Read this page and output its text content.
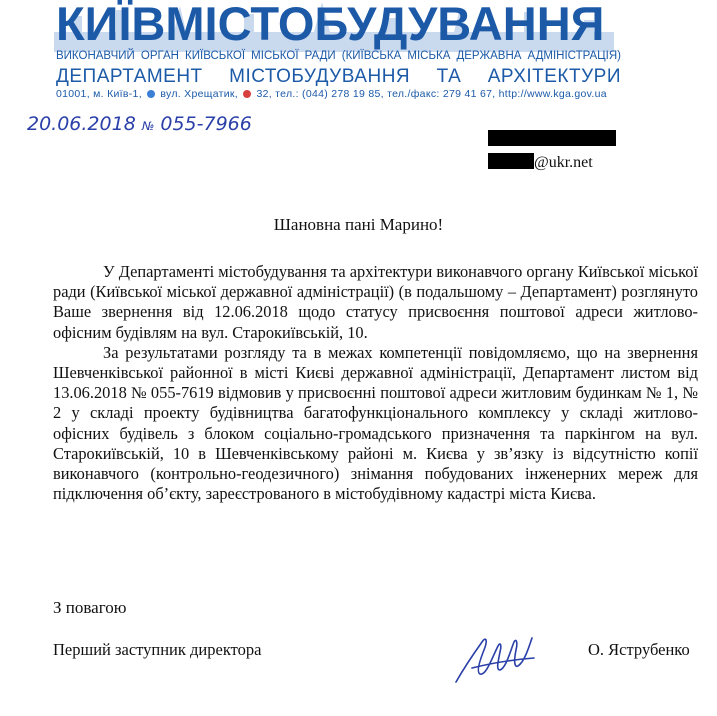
КИЇВМІСТОБУДУВАННЯ
ВИКОНАВЧИЙ ОРГАН КИЇВСЬКОЇ МІСЬКОЇ РАДИ (КИЇВСЬКА МІСЬКА ДЕРЖАВНА АДМІНІСТРАЦІЯ)
ДЕПАРТАМЕНТ МІСТОБУДУВАННЯ ТА АРХІТЕКТУРИ
01001, м. Київ-1, вул. Хрещатик, 32, тел.: (044) 278 19 85, тел./факс: 279 41 67, http://www.kga.gov.ua
20.06.2018 № 055-7966
@ukr.net
Шановна пані Марино!

У Департаменті містобудування та архітектури виконавчого органу Київської міської ради (Київської міської державної адміністрації) (в подальшому – Департамент) розглянуто Ваше звернення від 12.06.2018 щодо статусу присвоєння поштової адреси житлово-офісним будівлям на вул. Старокиївській, 10.

За результатами розгляду та в межах компетенції повідомляємо, що на звернення Шевченківської районної в місті Києві державної адміністрації, Департамент листом від 13.06.2018 № 055-7619 відмовив у присвоєнні поштової адреси житловим будинкам № 1, № 2 у складі проекту будівництва багатофункціонального комплексу у складі житлово-офісних будівель з блоком соціально-громадського призначення та паркінгом на вул. Старокиївській, 10 в Шевченківському районі м. Києва у зв’язку із відсутністю копії виконавчого (контрольно-геодезичного) знімання побудованих інженерних мереж для підключення об’єкту, зареєстрованого в містобудівному кадастрі міста Києва.

З повагою
Перший заступник директора	О. Яструбенко
